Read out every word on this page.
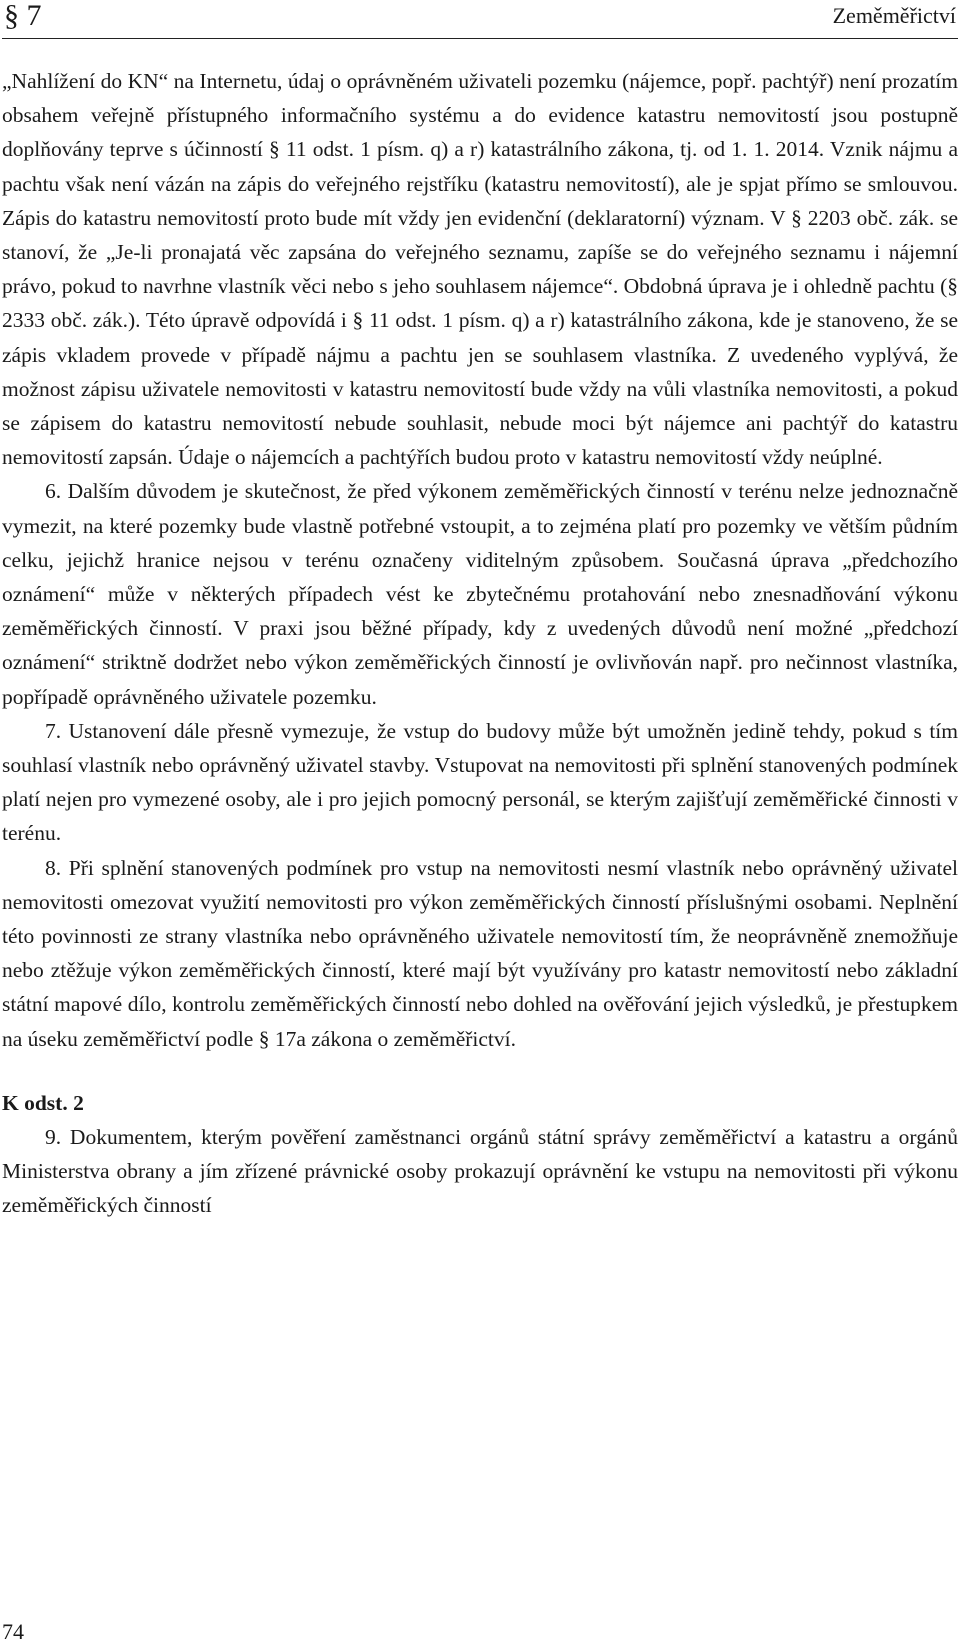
§ 7	Zeměměřictví

„Nahlížení do KN“ na Internetu, údaj o oprávněném uživateli pozemku (nájemce, popř. pachtýř) není prozatím obsahem veřejně přístupného informačního systému a do evidence katastru nemovitostí jsou postupně doplňovány teprve s účinností § 11 odst. 1 písm. q) a r) katastrálního zákona, tj. od 1. 1. 2014. Vznik nájmu a pachtu však není vázán na zápis do veřejného rejstříku (katastru nemovitostí), ale je spjat přímo se smlouvou. Zápis do katastru nemovitostí proto bude mít vždy jen evidenční (deklaratorní) význam. V § 2203 obč. zák. se stanoví, že „Je-li pronajatá věc zapsána do veřejného seznamu, zapíše se do veřejného seznamu i nájemní právo, pokud to navrhne vlastník věci nebo s jeho souhlasem nájemce“. Obdobná úprava je i ohledně pachtu (§ 2333 obč. zák.). Této úpravě odpovídá i § 11 odst. 1 písm. q) a r) katastrálního zákona, kde je stanoveno, že se zápis vkladem provede v případě nájmu a pachtu jen se souhlasem vlastníka. Z uvedeného vyplývá, že možnost zápisu uživatele nemovitosti v katastru nemovitostí bude vždy na vůli vlastníka nemovitosti, a pokud se zápisem do katastru nemovitostí nebude souhlasit, nebude moci být nájemce ani pachtýř do katastru nemovitostí zapsán. Údaje o nájemcích a pachtýřích budou proto v katastru nemovitostí vždy neúplné.

6. Dalším důvodem je skutečnost, že před výkonem zeměměřických činností v terénu nelze jednoznačně vymezit, na které pozemky bude vlastně potřebné vstoupit, a to zejména platí pro pozemky ve větším půdním celku, jejichž hranice nejsou v terénu označeny viditelným způsobem. Současná úprava „předchozího oznámení“ může v některých případech vést ke zbytečnému protahování nebo znesnadňování výkonu zeměměřických činností. V praxi jsou běžné případy, kdy z uvedených důvodů není možné „předchozí oznámení“ striktně dodržet nebo výkon zeměměřických činností je ovlivňován např. pro nečinnost vlastníka, popřípadě oprávněného uživatele pozemku.

7. Ustanovení dále přesně vymezuje, že vstup do budovy může být umožněn jedině tehdy, pokud s tím souhlasí vlastník nebo oprávněný uživatel stavby. Vstupovat na nemovitosti při splnění stanovených podmínek platí nejen pro vymezené osoby, ale i pro jejich pomocný personál, se kterým zajišťují zeměměřické činnosti v terénu.

8. Při splnění stanovených podmínek pro vstup na nemovitosti nesmí vlastník nebo oprávněný uživatel nemovitosti omezovat využití nemovitosti pro výkon zeměměřických činností příslušnými osobami. Neplnění této povinnosti ze strany vlastníka nebo oprávněného uživatele nemovitostí tím, že neoprávněně znemožňuje nebo ztěžuje výkon zeměměřických činností, které mají být využívány pro katastr nemovitostí nebo základní státní mapové dílo, kontrolu zeměměřických činností nebo dohled na ověřování jejich výsledků, je přestupkem na úseku zeměměřictví podle § 17a zákona o zeměměřictví.

K odst. 2

9. Dokumentem, kterým pověření zaměstnanci orgánů státní správy zeměměřictví a katastru a orgánů Ministerstva obrany a jím zřízené právnické osoby prokazují oprávnění ke vstupu na nemovitosti při výkonu zeměměřických činností

74
